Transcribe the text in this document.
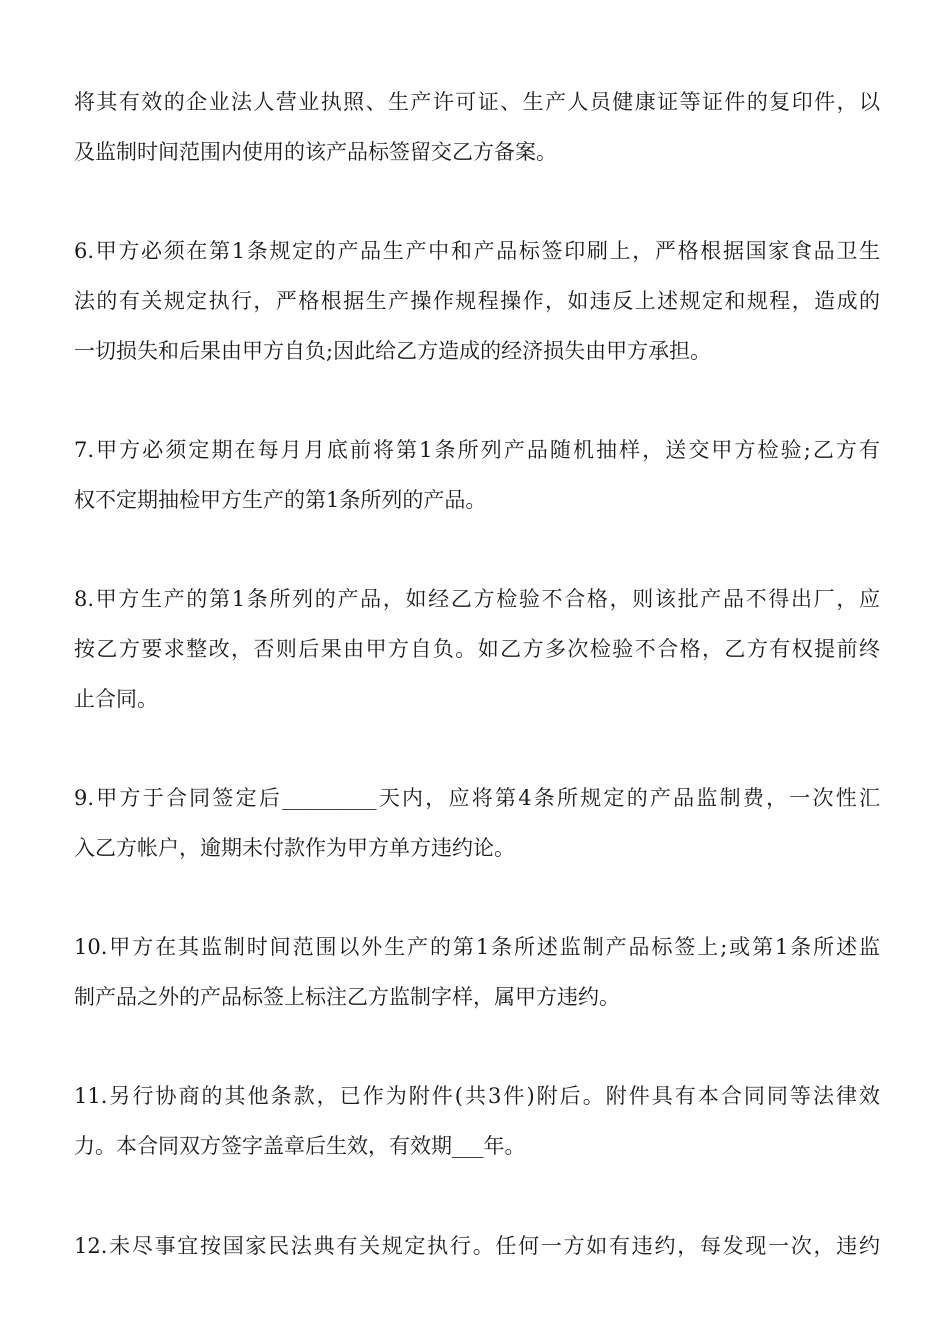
将其有效的企业法人营业执照、生产许可证、生产人员健康证等证件的复印件，以
及监制时间范围内使用的该产品标签留交乙方备案。
6.甲方必须在第1条规定的产品生产中和产品标签印刷上，严格根据国家食品卫生
法的有关规定执行，严格根据生产操作规程操作，如违反上述规定和规程，造成的
一切损失和后果由甲方自负;因此给乙方造成的经济损失由甲方承担。
7.甲方必须定期在每月月底前将第1条所列产品随机抽样，送交甲方检验;乙方有
权不定期抽检甲方生产的第1条所列的产品。
8.甲方生产的第1条所列的产品，如经乙方检验不合格，则该批产品不得出厂，应
按乙方要求整改，否则后果由甲方自负。如乙方多次检验不合格，乙方有权提前终
止合同。
9.甲方于合同签定后_________天内，应将第4条所规定的产品监制费，一次性汇
入乙方帐户，逾期未付款作为甲方单方违约论。
10.甲方在其监制时间范围以外生产的第1条所述监制产品标签上;或第1条所述监
制产品之外的产品标签上标注乙方监制字样，属甲方违约。
11.另行协商的其他条款，已作为附件(共3件)附后。附件具有本合同同等法律效
力。本合同双方签字盖章后生效，有效期___年。
12.未尽事宜按国家民法典有关规定执行。任何一方如有违约，每发现一次，违约
